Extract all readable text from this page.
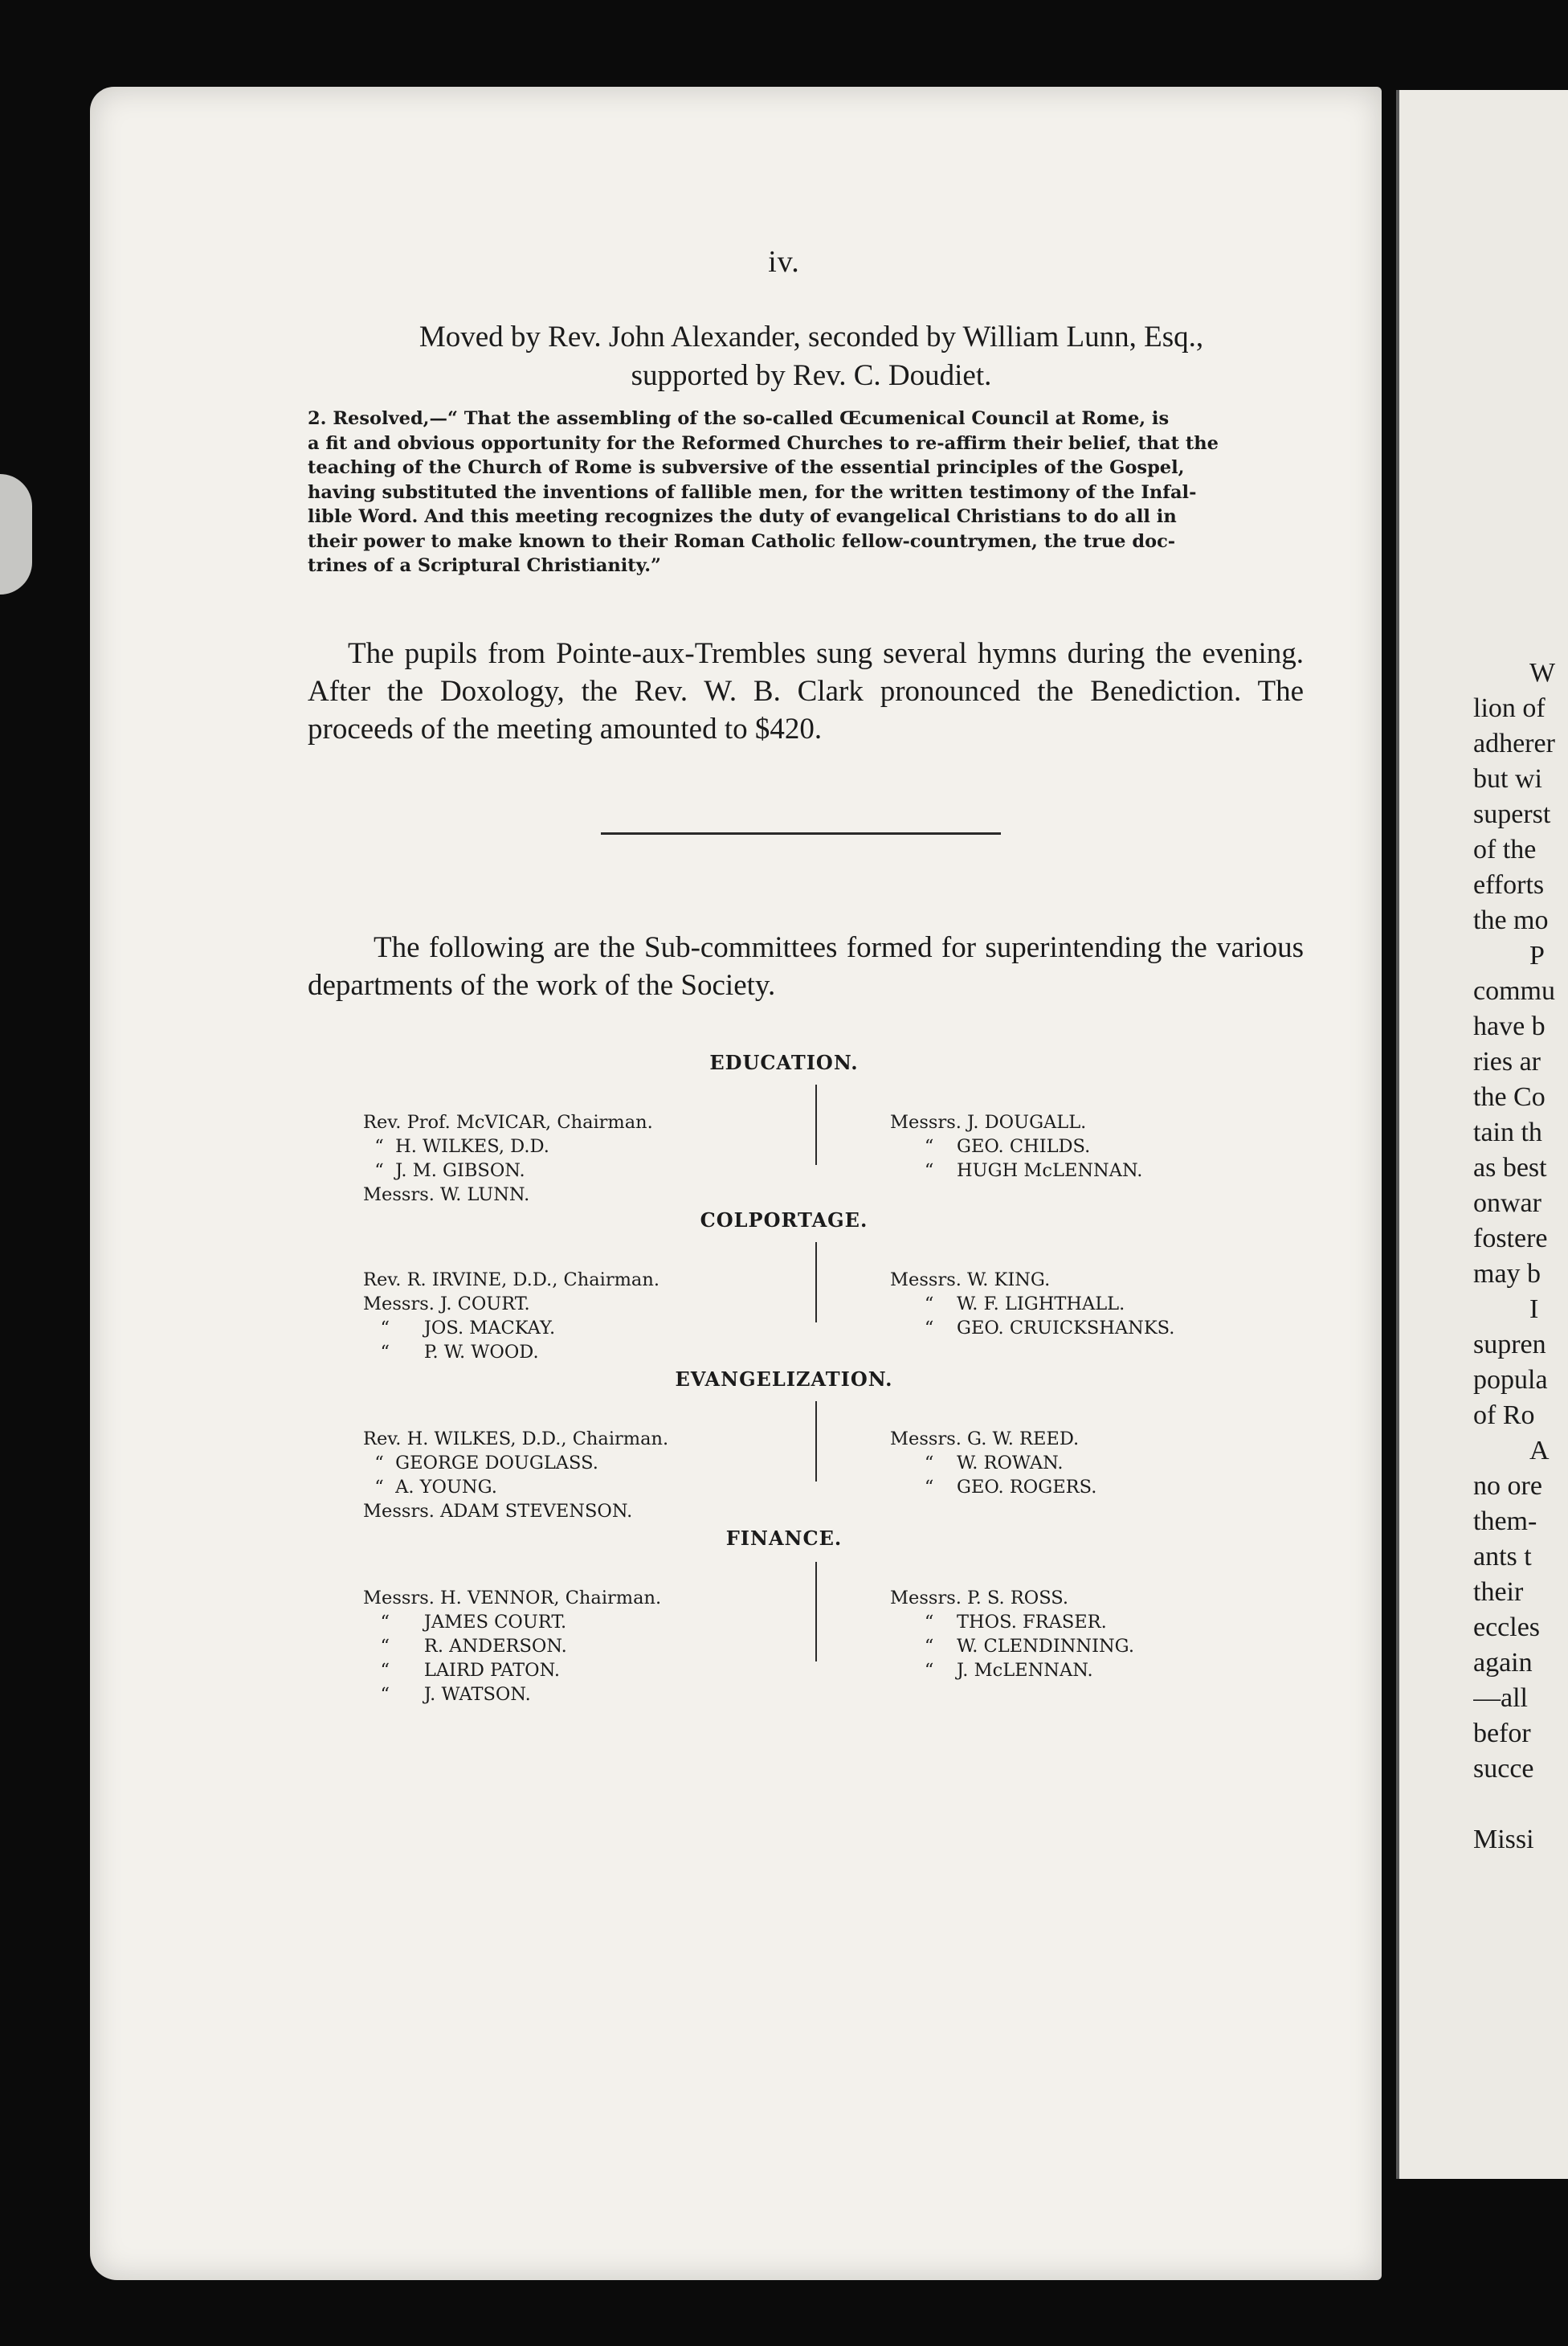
iv.
Moved by Rev. John Alexander, seconded by William Lunn, Esq.,
supported by Rev. C. Doudiet.
2. Resolved,—“ That the assembling of the so-called Œcumenical Council at Rome, is
a fit and obvious opportunity for the Reformed Churches to re-affirm their belief, that the
teaching of the Church of Rome is subversive of the essential principles of the Gospel,
having substituted the inventions of fallible men, for the written testimony of the Infal-
lible Word. And this meeting recognizes the duty of evangelical Christians to do all in
their power to make known to their Roman Catholic fellow-countrymen, the true doc-
trines of a Scriptural Christianity.”
The pupils from Pointe-aux-Trembles sung several hymns during the evening. After the Doxology, the Rev. W. B. Clark pronounced the Benediction. The proceeds of the meeting amounted to $420.
The following are the Sub-committees formed for superintending the various departments of the work of the Society.
EDUCATION.

Rev. Prof. McVICAR, Chairman.
“  H. WILKES, D.D.
“  J. M. GIBSON.
Messrs. W. LUNN.

Messrs. J. DOUGALL.
“    GEO. CHILDS.
“    HUGH McLENNAN.

COLPORTAGE.

Rev. R. IRVINE, D.D., Chairman.
Messrs. J. COURT.
“      JOS. MACKAY.
“      P. W. WOOD.

Messrs. W. KING.
“    W. F. LIGHTHALL.
“    GEO. CRUICKSHANKS.

EVANGELIZATION.

Rev. H. WILKES, D.D., Chairman.
“  GEORGE DOUGLASS.
“  A. YOUNG.
Messrs. ADAM STEVENSON.

Messrs. G. W. REED.
“    W. ROWAN.
“    GEO. ROGERS.

FINANCE.

Messrs. H. VENNOR, Chairman.
“      JAMES COURT.
“      R. ANDERSON.
“      LAIRD PATON.
“      J. WATSON.

Messrs. P. S. ROSS.
“    THOS. FRASER.
“    W. CLENDINNING.
“    J. McLENNAN.

W
lion of
adherer
but wi
superst
of the
efforts
the mo
P
commu
have b
ries ar
the Co
tain th
as best
onwar
fostere
may b
I
supren
popula
of Ro
A
no ore
them-
ants t
their
eccles
again
—all
befor
succe

Missi
